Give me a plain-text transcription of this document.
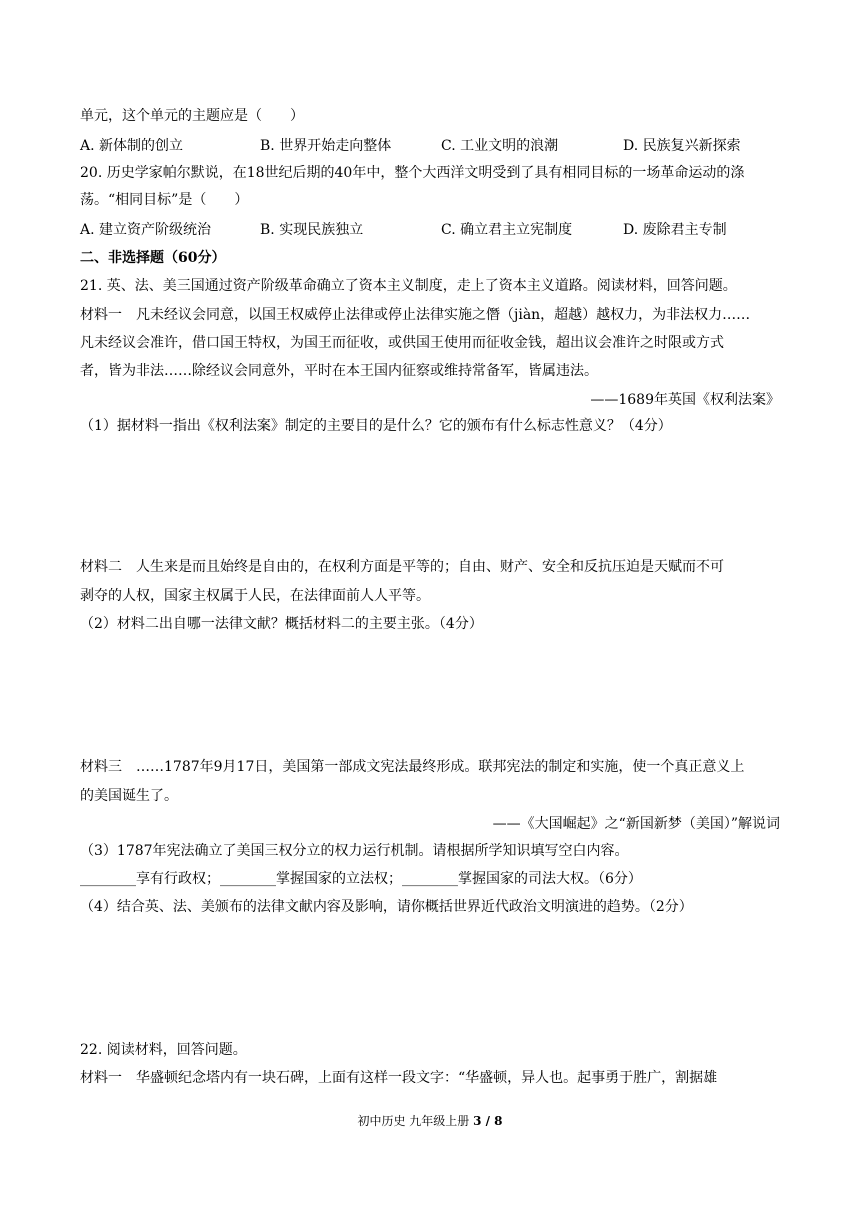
单元，这个单元的主题应是（　　）
A. 新体制的创立	B. 世界开始走向整体	C. 工业文明的浪潮	D. 民族复兴新探索
20. 历史学家帕尔默说，在18世纪后期的40年中，整个大西洋文明受到了具有相同目标的一场革命运动的涤
荡。“相同目标”是（　　）
A. 建立资产阶级统治	B. 实现民族独立	C. 确立君主立宪制度	D. 废除君主专制
二、非选择题（60分）
21. 英、法、美三国通过资产阶级革命确立了资本主义制度，走上了资本主义道路。阅读材料，回答问题。
材料一　凡未经议会同意，以国王权威停止法律或停止法律实施之僭（jiàn，超越）越权力，为非法权力……
凡未经议会准许，借口国王特权，为国王而征收，或供国王使用而征收金钱，超出议会准许之时限或方式
者，皆为非法……除经议会同意外，平时在本王国内征察或维持常备军，皆属违法。
——1689年英国《权利法案》
（1）据材料一指出《权利法案》制定的主要目的是什么？它的颁布有什么标志性意义？（4分）
材料二　人生来是而且始终是自由的，在权利方面是平等的；自由、财产、安全和反抗压迫是天赋而不可
剥夺的人权，国家主权属于人民，在法律面前人人平等。
（2）材料二出自哪一法律文献？概括材料二的主要主张。（4分）
材料三　……1787年9月17日，美国第一部成文宪法最终形成。联邦宪法的制定和实施，使一个真正意义上
的美国诞生了。
——《大国崛起》之“新国新梦（美国）”解说词
（3）1787年宪法确立了美国三权分立的权力运行机制。请根据所学知识填写空白内容。
________享有行政权；________掌握国家的立法权；________掌握国家的司法大权。（6分）
（4）结合英、法、美颁布的法律文献内容及影响，请你概括世界近代政治文明演进的趋势。（2分）
22. 阅读材料，回答问题。
材料一　华盛顿纪念塔内有一块石碑，上面有这样一段文字：“华盛顿，异人也。起事勇于胜广，割据雄
初中历史 九年级上册 3 / 8
